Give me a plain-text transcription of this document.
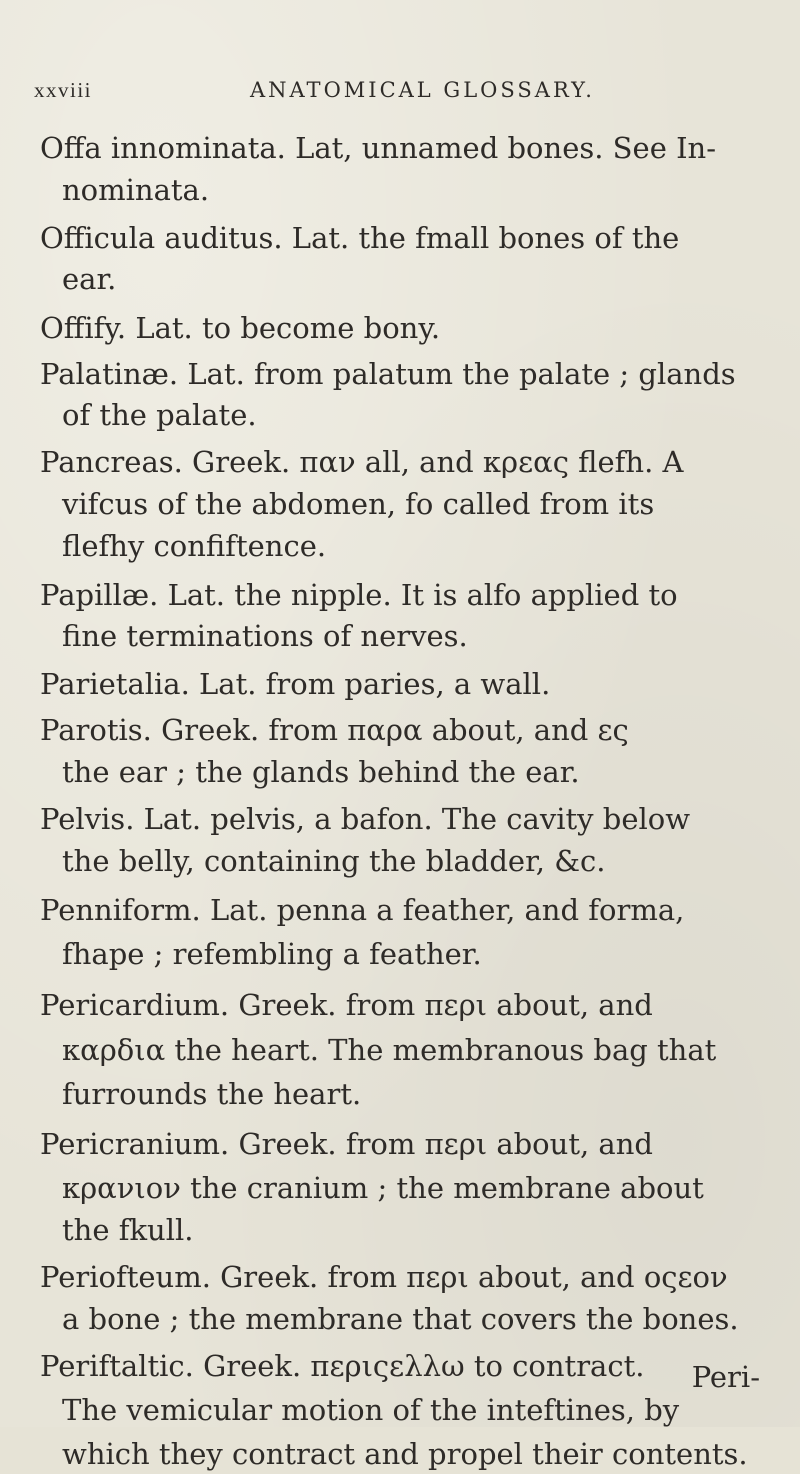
xxviii	ANATOMICAL GLOSSARY.
Offa innominata. Lat, unnamed bones. See In-
nominata.
Officula auditus. Lat. the fmall bones of the
ear.
Offify. Lat. to become bony.
Palatinæ. Lat. from palatum the palate ; glands
of the palate.
Pancreas. Greek. παν all, and κρεας flefh. A
vifcus of the abdomen, fo called from its
flefhy confiftence.
Papillæ. Lat. the nipple. It is alfo applied to
fine terminations of nerves.
Parietalia. Lat. from paries, a wall.
Parotis. Greek. from παρα about, and ες
the ear ; the glands behind the ear.
Pelvis. Lat. pelvis, a bafon. The cavity below
the belly, containing the bladder, &c.
Penniform. Lat. penna a feather, and forma,
fhape ; refembling a feather.
Pericardium. Greek. from περι about, and
καρδια the heart. The membranous bag that
furrounds the heart.
Pericranium. Greek. from περι about, and
κρανιον the cranium ; the membrane about
the fkull.
Periofteum. Greek. from περι about, and οςεον
a bone ; the membrane that covers the bones.
Periftaltic. Greek. περιςελλω to contract.
The vemicular motion of the inteftines, by
which they contract and propel their contents.
Peri-
